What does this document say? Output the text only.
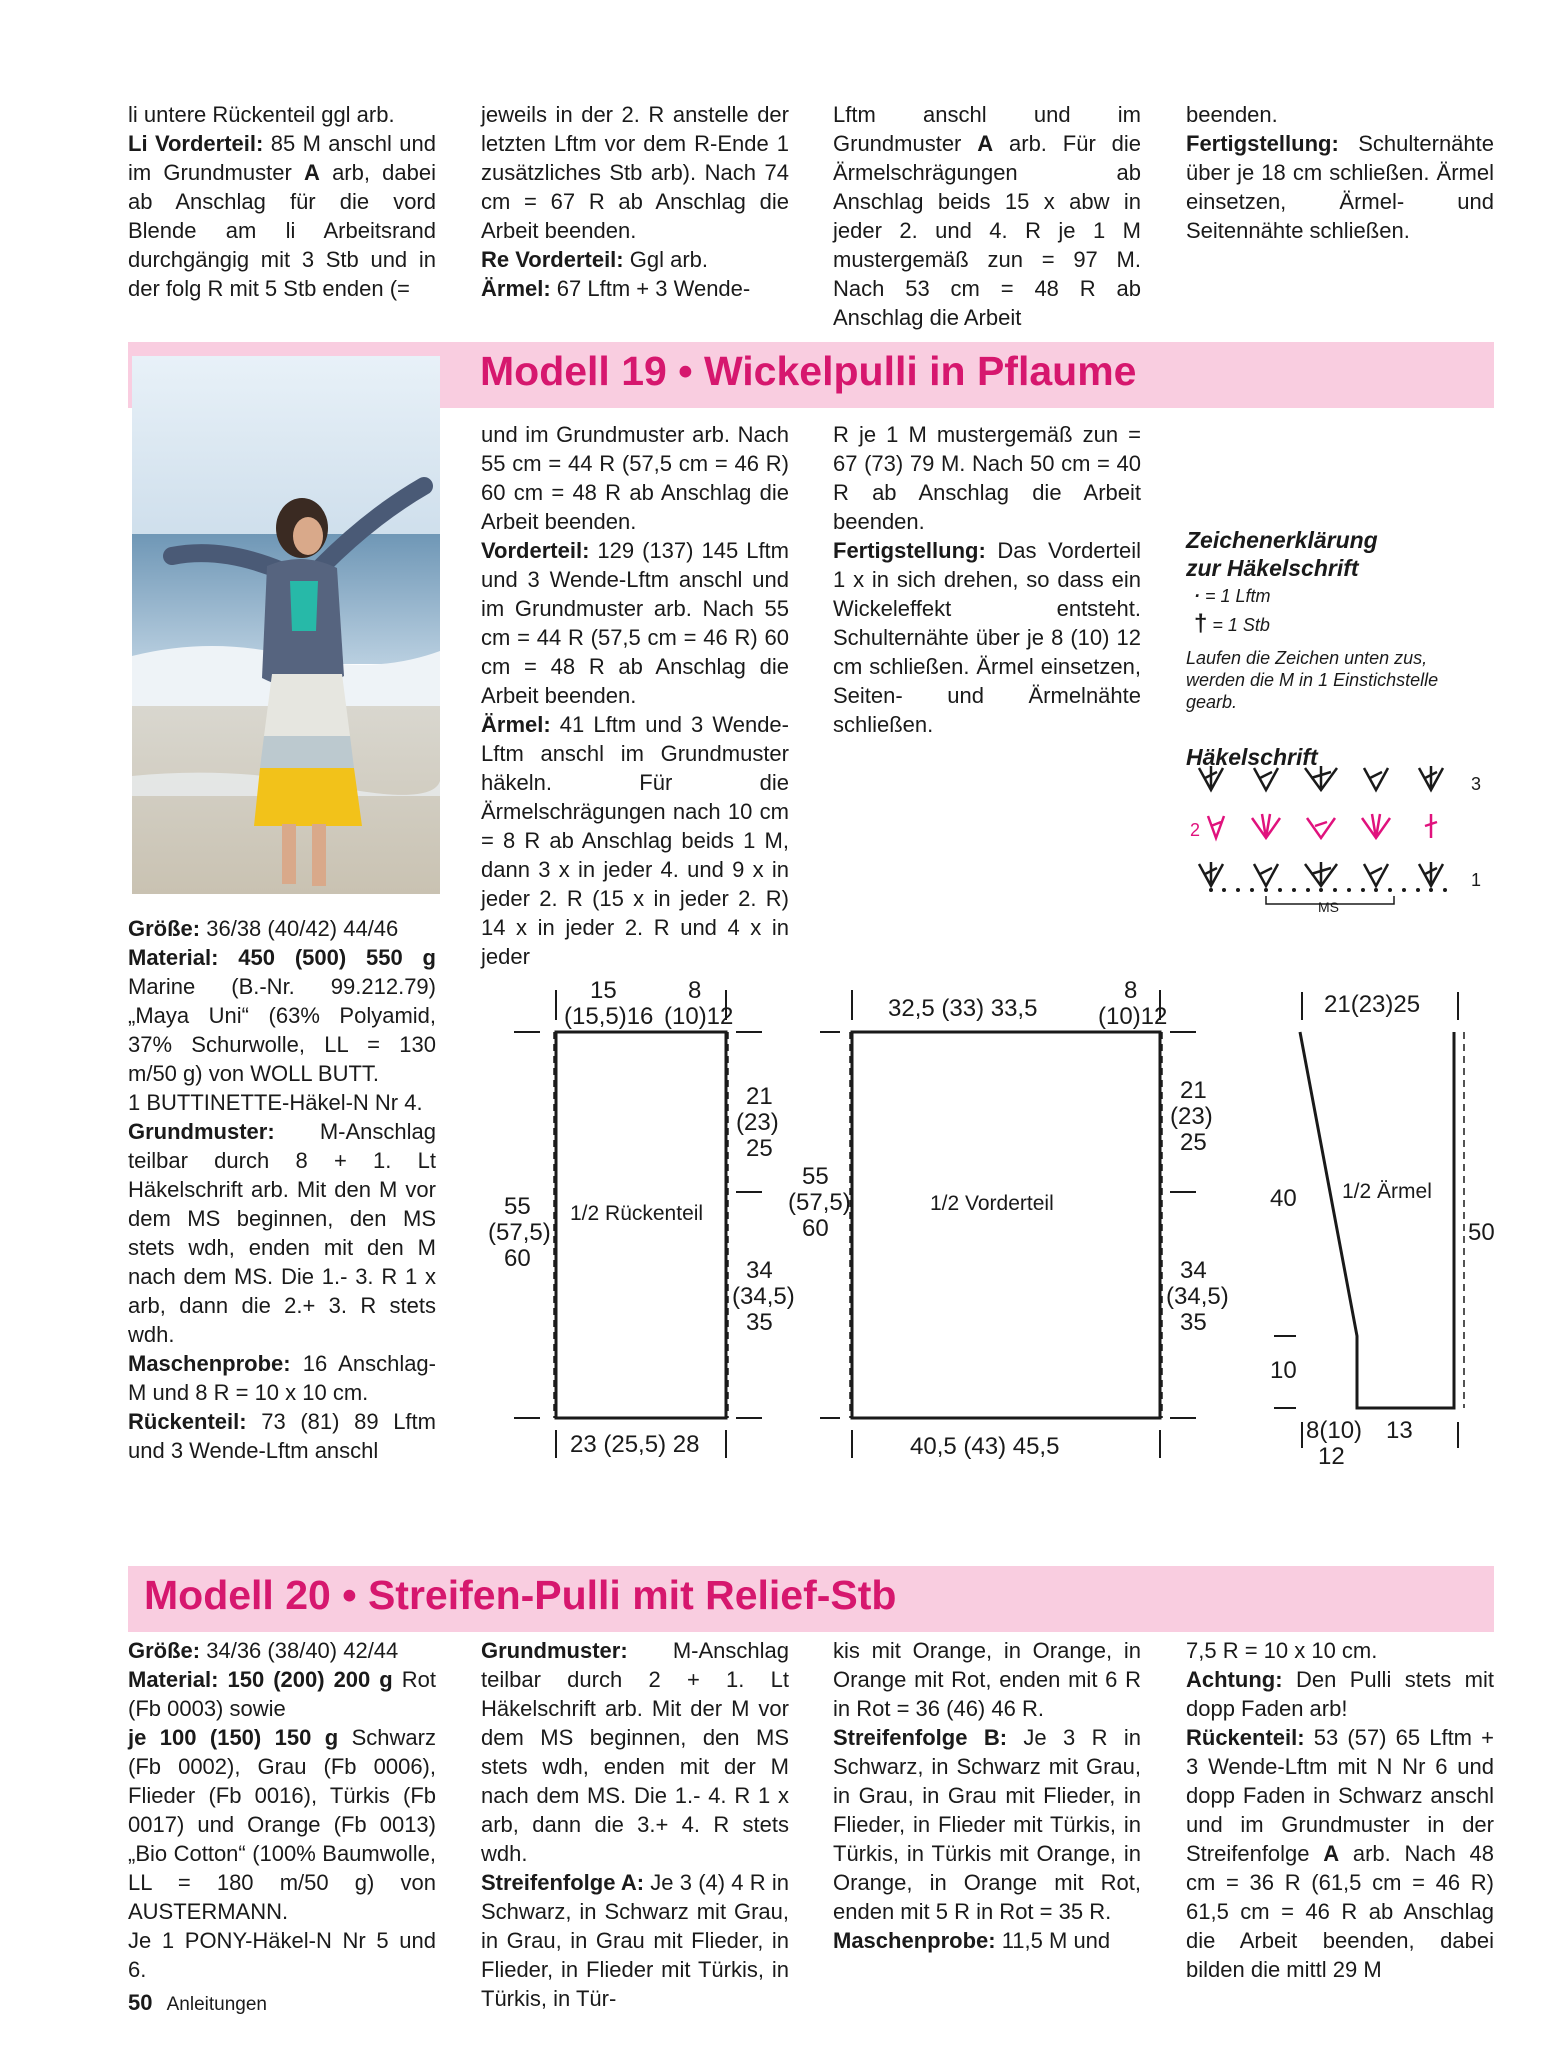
li untere Rückenteil ggl arb.
Li Vorderteil: 85 M anschl und im Grundmuster A arb, dabei ab Anschlag für die vord Blende am li Arbeitsrand durchgängig mit 3 Stb und in der folg R mit 5 Stb enden (=

jeweils in der 2. R anstelle der letzten Lftm vor dem R-Ende 1 zusätzliches Stb arb). Nach 74 cm = 67 R ab Anschlag die Arbeit beenden.
Re Vorderteil: Ggl arb.
Ärmel: 67 Lftm + 3 Wende-

Lftm anschl und im Grundmuster A arb. Für die Ärmelschrägungen ab Anschlag beids 15 x abw in jeder 2. und 4. R je 1 M mustergemäß zun = 97 M. Nach 53 cm = 48 R ab Anschlag die Arbeit

beenden.
Fertigstellung: Schulternähte über je 18 cm schließen. Ärmel einsetzen, Ärmel- und Seitennähte schließen.

Modell 19 • Wickelpulli in Pflaume
Größe: 36/38 (40/42) 44/46
Material: 450 (500) 550 g Marine (B.-Nr. 99.212.79) „Maya Uni“ (63% Polyamid, 37% Schurwolle, LL = 130 m/50 g) von WOLL BUTT.
1 BUTTINETTE-Häkel-N Nr 4.
Grundmuster: M-Anschlag teilbar durch 8 + 1. Lt Häkelschrift arb. Mit den M vor dem MS beginnen, den MS stets wdh, enden mit den M nach dem MS. Die 1.- 3. R 1 x arb, dann die 2.+ 3. R stets wdh.
Maschenprobe: 16 Anschlag-M und 8 R = 10 x 10 cm.
Rückenteil: 73 (81) 89 Lftm und 3 Wende-Lftm anschl

und im Grundmuster arb. Nach 55 cm = 44 R (57,5 cm = 46 R) 60 cm = 48 R ab Anschlag die Arbeit beenden.
Vorderteil: 129 (137) 145 Lftm und 3 Wende-Lftm anschl und im Grundmuster arb. Nach 55 cm = 44 R (57,5 cm = 46 R) 60 cm = 48 R ab Anschlag die Arbeit beenden.
Ärmel: 41 Lftm und 3 Wende-Lftm anschl im Grundmuster häkeln. Für die Ärmelschrägungen nach 10 cm = 8 R ab Anschlag beids 1 M, dann 3 x in jeder 4. und 9 x in jeder 2. R (15 x in jeder 2. R) 14 x in jeder 2. R und 4 x in jeder

R je 1 M mustergemäß zun = 67 (73) 79 M. Nach 50 cm = 40 R ab Anschlag die Arbeit beenden.
Fertigstellung: Das Vorderteil 1 x in sich drehen, so dass ein Wickeleffekt entsteht. Schulternähte über je 8 (10) 12 cm schließen. Ärmel einsetzen, Seiten- und Ärmelnähte schließen.

Zeichenerklärung
zur Häkelschrift
· = 1 Lftm
† = 1 Stb
Laufen die Zeichen unten zus, werden die M in 1 Einstichstelle gearb.
Häkelschrift
3
2
1
MS
15
(15,5)16
8
(10)12
55
(57,5)
60
1/2 Rückenteil
21
(23)
25
34
(34,5)
35
23 (25,5) 28
32,5 (33) 33,5
8
(10)12
55
(57,5)
60
1/2 Vorderteil
21
(23)
25
34
(34,5)
35
40,5 (43) 45,5
21(23)25
1/2 Ärmel
40
10
50
8(10)
12
13
Modell 20 • Streifen-Pulli mit Relief-Stb
Größe: 34/36 (38/40) 42/44
Material: 150 (200) 200 g Rot (Fb 0003) sowie
je 100 (150) 150 g Schwarz (Fb 0002), Grau (Fb 0006), Flieder (Fb 0016), Türkis (Fb 0017) und Orange (Fb 0013) „Bio Cotton“ (100% Baumwolle, LL = 180 m/50 g) von AUSTERMANN.
Je 1 PONY-Häkel-N Nr 5 und 6.

Grundmuster: M-Anschlag teilbar durch 2 + 1. Lt Häkelschrift arb. Mit der M vor dem MS beginnen, den MS stets wdh, enden mit der M nach dem MS. Die 1.- 4. R 1 x arb, dann die 3.+ 4. R stets wdh.
Streifenfolge A: Je 3 (4) 4 R in Schwarz, in Schwarz mit Grau, in Grau, in Grau mit Flieder, in Flieder, in Flieder mit Türkis, in Türkis, in Tür-

kis mit Orange, in Orange, in Orange mit Rot, enden mit 6 R in Rot = 36 (46) 46 R.
Streifenfolge B: Je 3 R in Schwarz, in Schwarz mit Grau, in Grau, in Grau mit Flieder, in Flieder, in Flieder mit Türkis, in Türkis, in Türkis mit Orange, in Orange, in Orange mit Rot, enden mit 5 R in Rot = 35 R.
Maschenprobe: 11,5 M und

7,5 R = 10 x 10 cm.
Achtung: Den Pulli stets mit dopp Faden arb!
Rückenteil: 53 (57) 65 Lftm + 3 Wende-Lftm mit N Nr 6 und dopp Faden in Schwarz anschl und im Grundmuster in der Streifenfolge A arb. Nach 48 cm = 36 R (61,5 cm = 46 R) 61,5 cm = 46 R ab Anschlag die Arbeit beenden, dabei bilden die mittl 29 M

50 Anleitungen
